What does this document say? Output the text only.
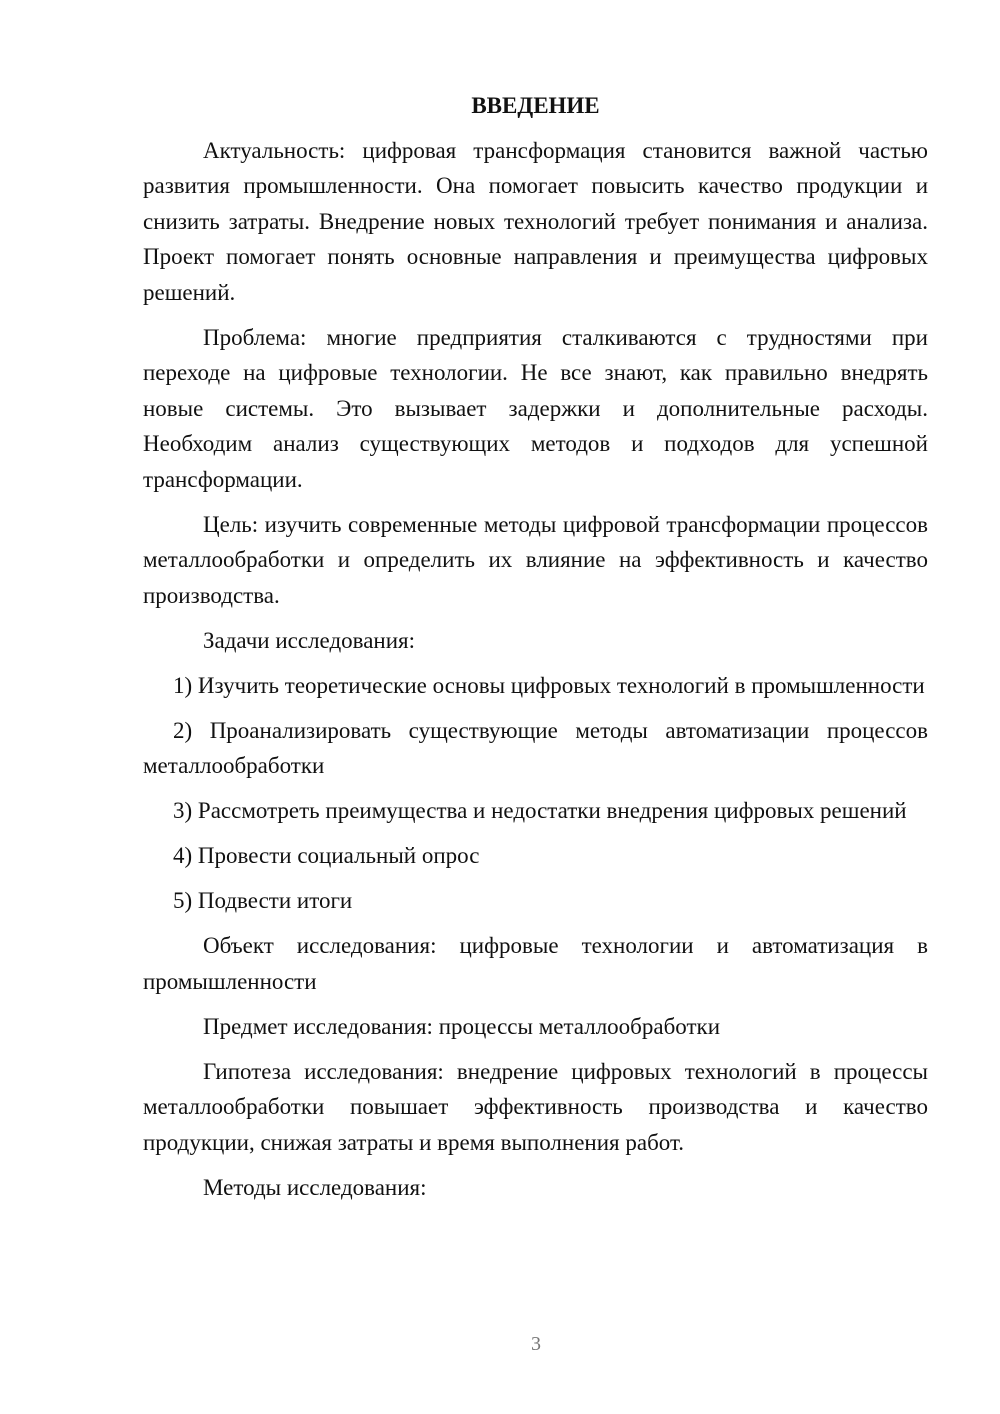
ВВЕДЕНИЕ

Актуальность: цифровая трансформация становится важной частью развития промышленности. Она помогает повысить качество продукции и снизить затраты. Внедрение новых технологий требует понимания и анализа. Проект помогает понять основные направления и преимущества цифровых решений.

Проблема: многие предприятия сталкиваются с трудностями при переходе на цифровые технологии. Не все знают, как правильно внедрять новые системы. Это вызывает задержки и дополнительные расходы. Необходим анализ существующих методов и подходов для успешной трансформации.

Цель: изучить современные методы цифровой трансформации процессов металлообработки и определить их влияние на эффективность и качество производства.

Задачи исследования:

1) Изучить теоретические основы цифровых технологий в промышленности

2) Проанализировать существующие методы автоматизации процессов металлообработки

3) Рассмотреть преимущества и недостатки внедрения цифровых решений

4) Провести социальный опрос

5) Подвести итоги

Объект исследования: цифровые технологии и автоматизация в промышленности

Предмет исследования: процессы металлообработки

Гипотеза исследования: внедрение цифровых технологий в процессы металлообработки повышает эффективность производства и качество продукции, снижая затраты и время выполнения работ.

Методы исследования:

3
